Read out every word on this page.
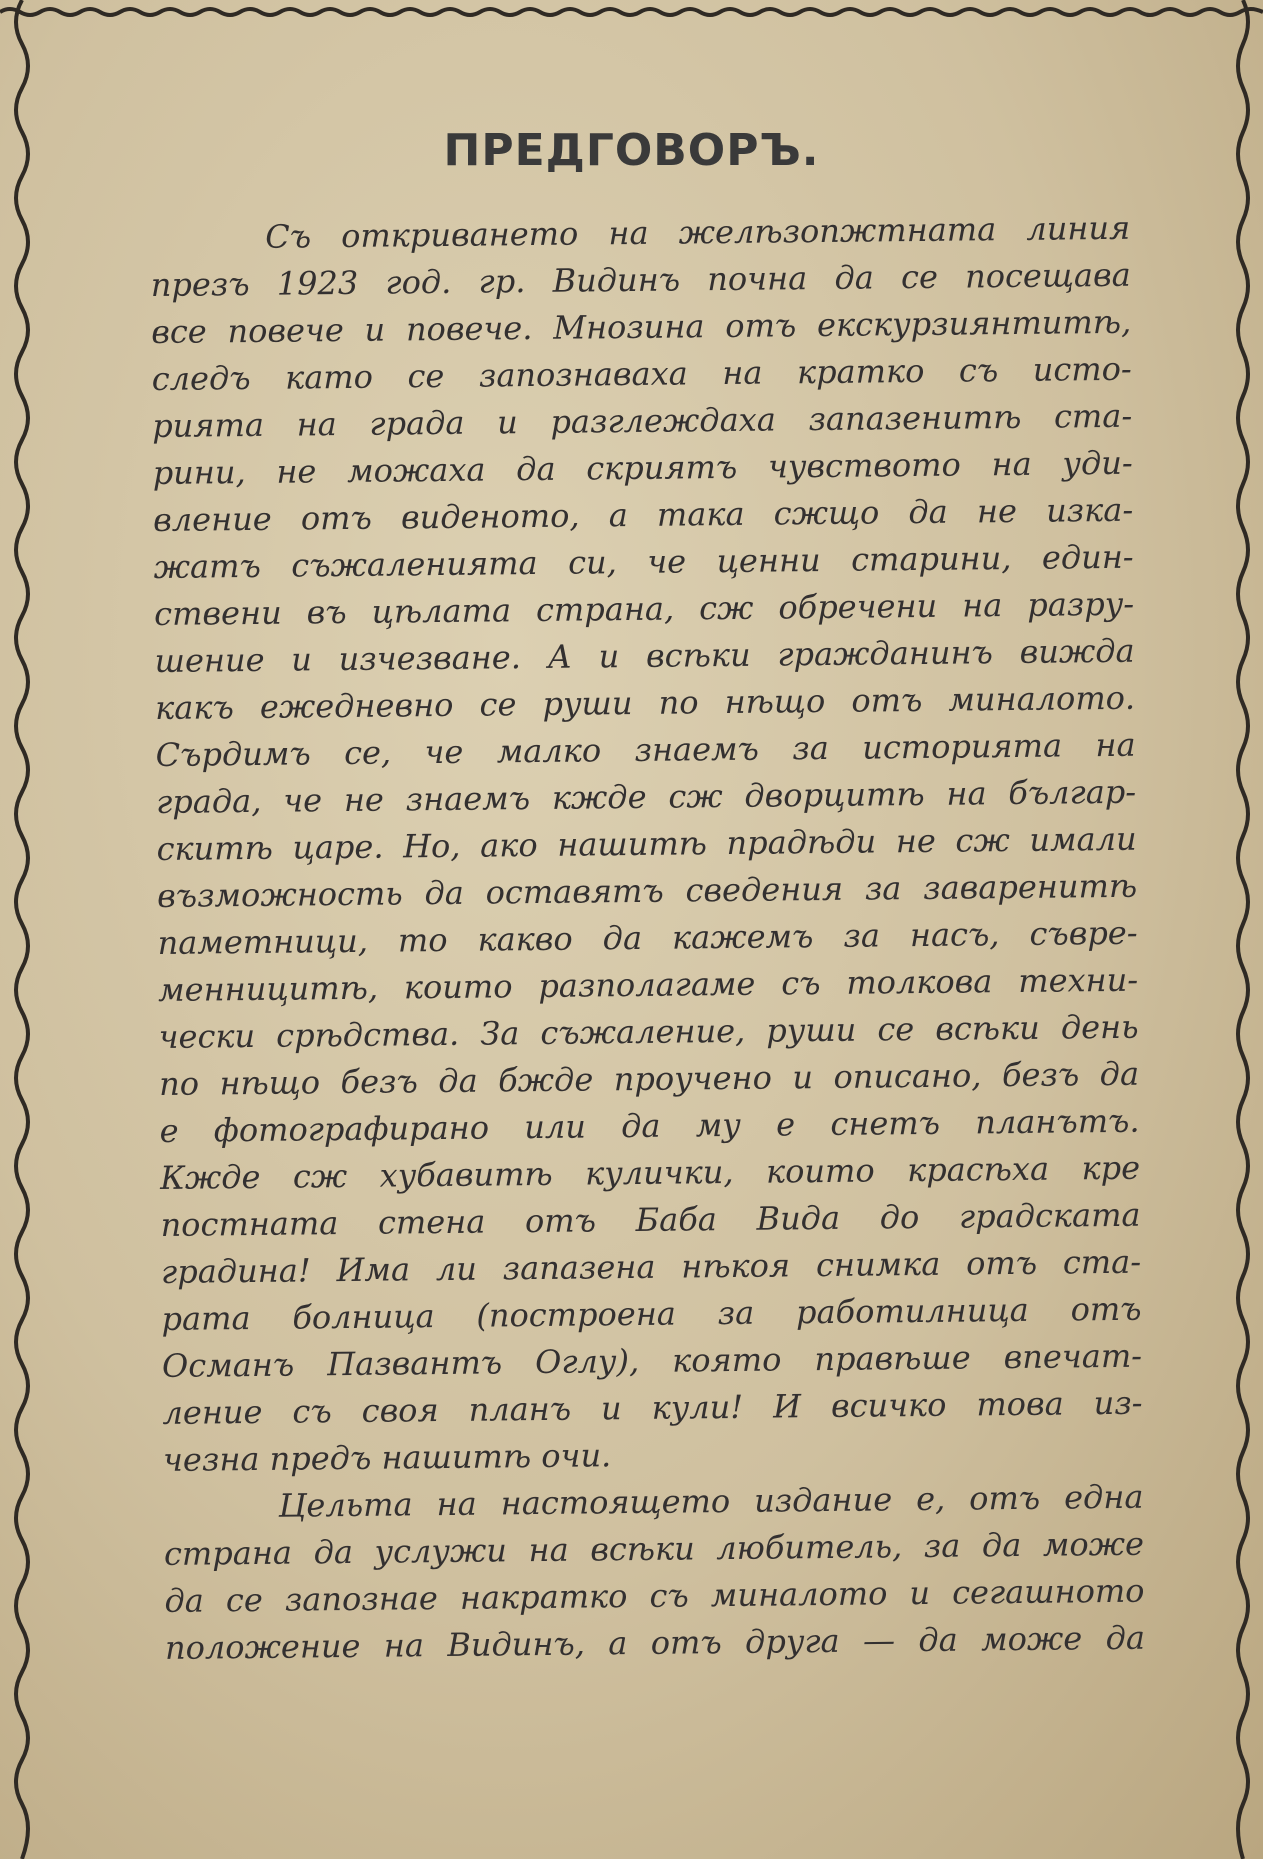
ПРЕДГОВОРЪ.
Съ откриването на желѣзопжтната линия
презъ 1923 год. гр. Видинъ почна да се посещава
все повече и повече. Мнозина отъ екскурзиянтитѣ,
следъ като се запознаваха на кратко съ исто-
рията на града и разглеждаха запазенитѣ ста-
рини, не можаха да скриятъ чувството на уди-
вление отъ виденото, а така сжщо да не изка-
жатъ съжаленията си, че ценни старини, един-
ствени въ цѣлата страна, сж обречени на разру-
шение и изчезване. А и всѣки гражданинъ вижда
какъ ежедневно се руши по нѣщо отъ миналото.
Сърдимъ се, че малко знаемъ за историята на
града, че не знаемъ кжде сж дворцитѣ на българ-
скитѣ царе. Но, ако нашитѣ прадѣди не сж имали
възможность да оставятъ сведения за заваренитѣ
паметници, то какво да кажемъ за насъ, съвре-
менницитѣ, които разполагаме съ толкова техни-
чески срѣдства. За съжаление, руши се всѣки день
по нѣщо безъ да бжде проучено и описано, безъ да
е фотографирано или да му е снетъ планътъ.
Кжде сж хубавитѣ кулички, които красѣха кре
постната стена отъ Баба Вида до градската
градина! Има ли запазена нѣкоя снимка отъ ста-
рата болница (построена за работилница отъ
Османъ Пазвантъ Оглу), която правѣше впечат-
ление съ своя планъ и кули! И всичко това из-
чезна предъ нашитѣ очи.
Цельта на настоящето издание е, отъ една
страна да услужи на всѣки любитель, за да може
да се запознае накратко съ миналото и сегашното
положение на Видинъ, а отъ друга — да може да
